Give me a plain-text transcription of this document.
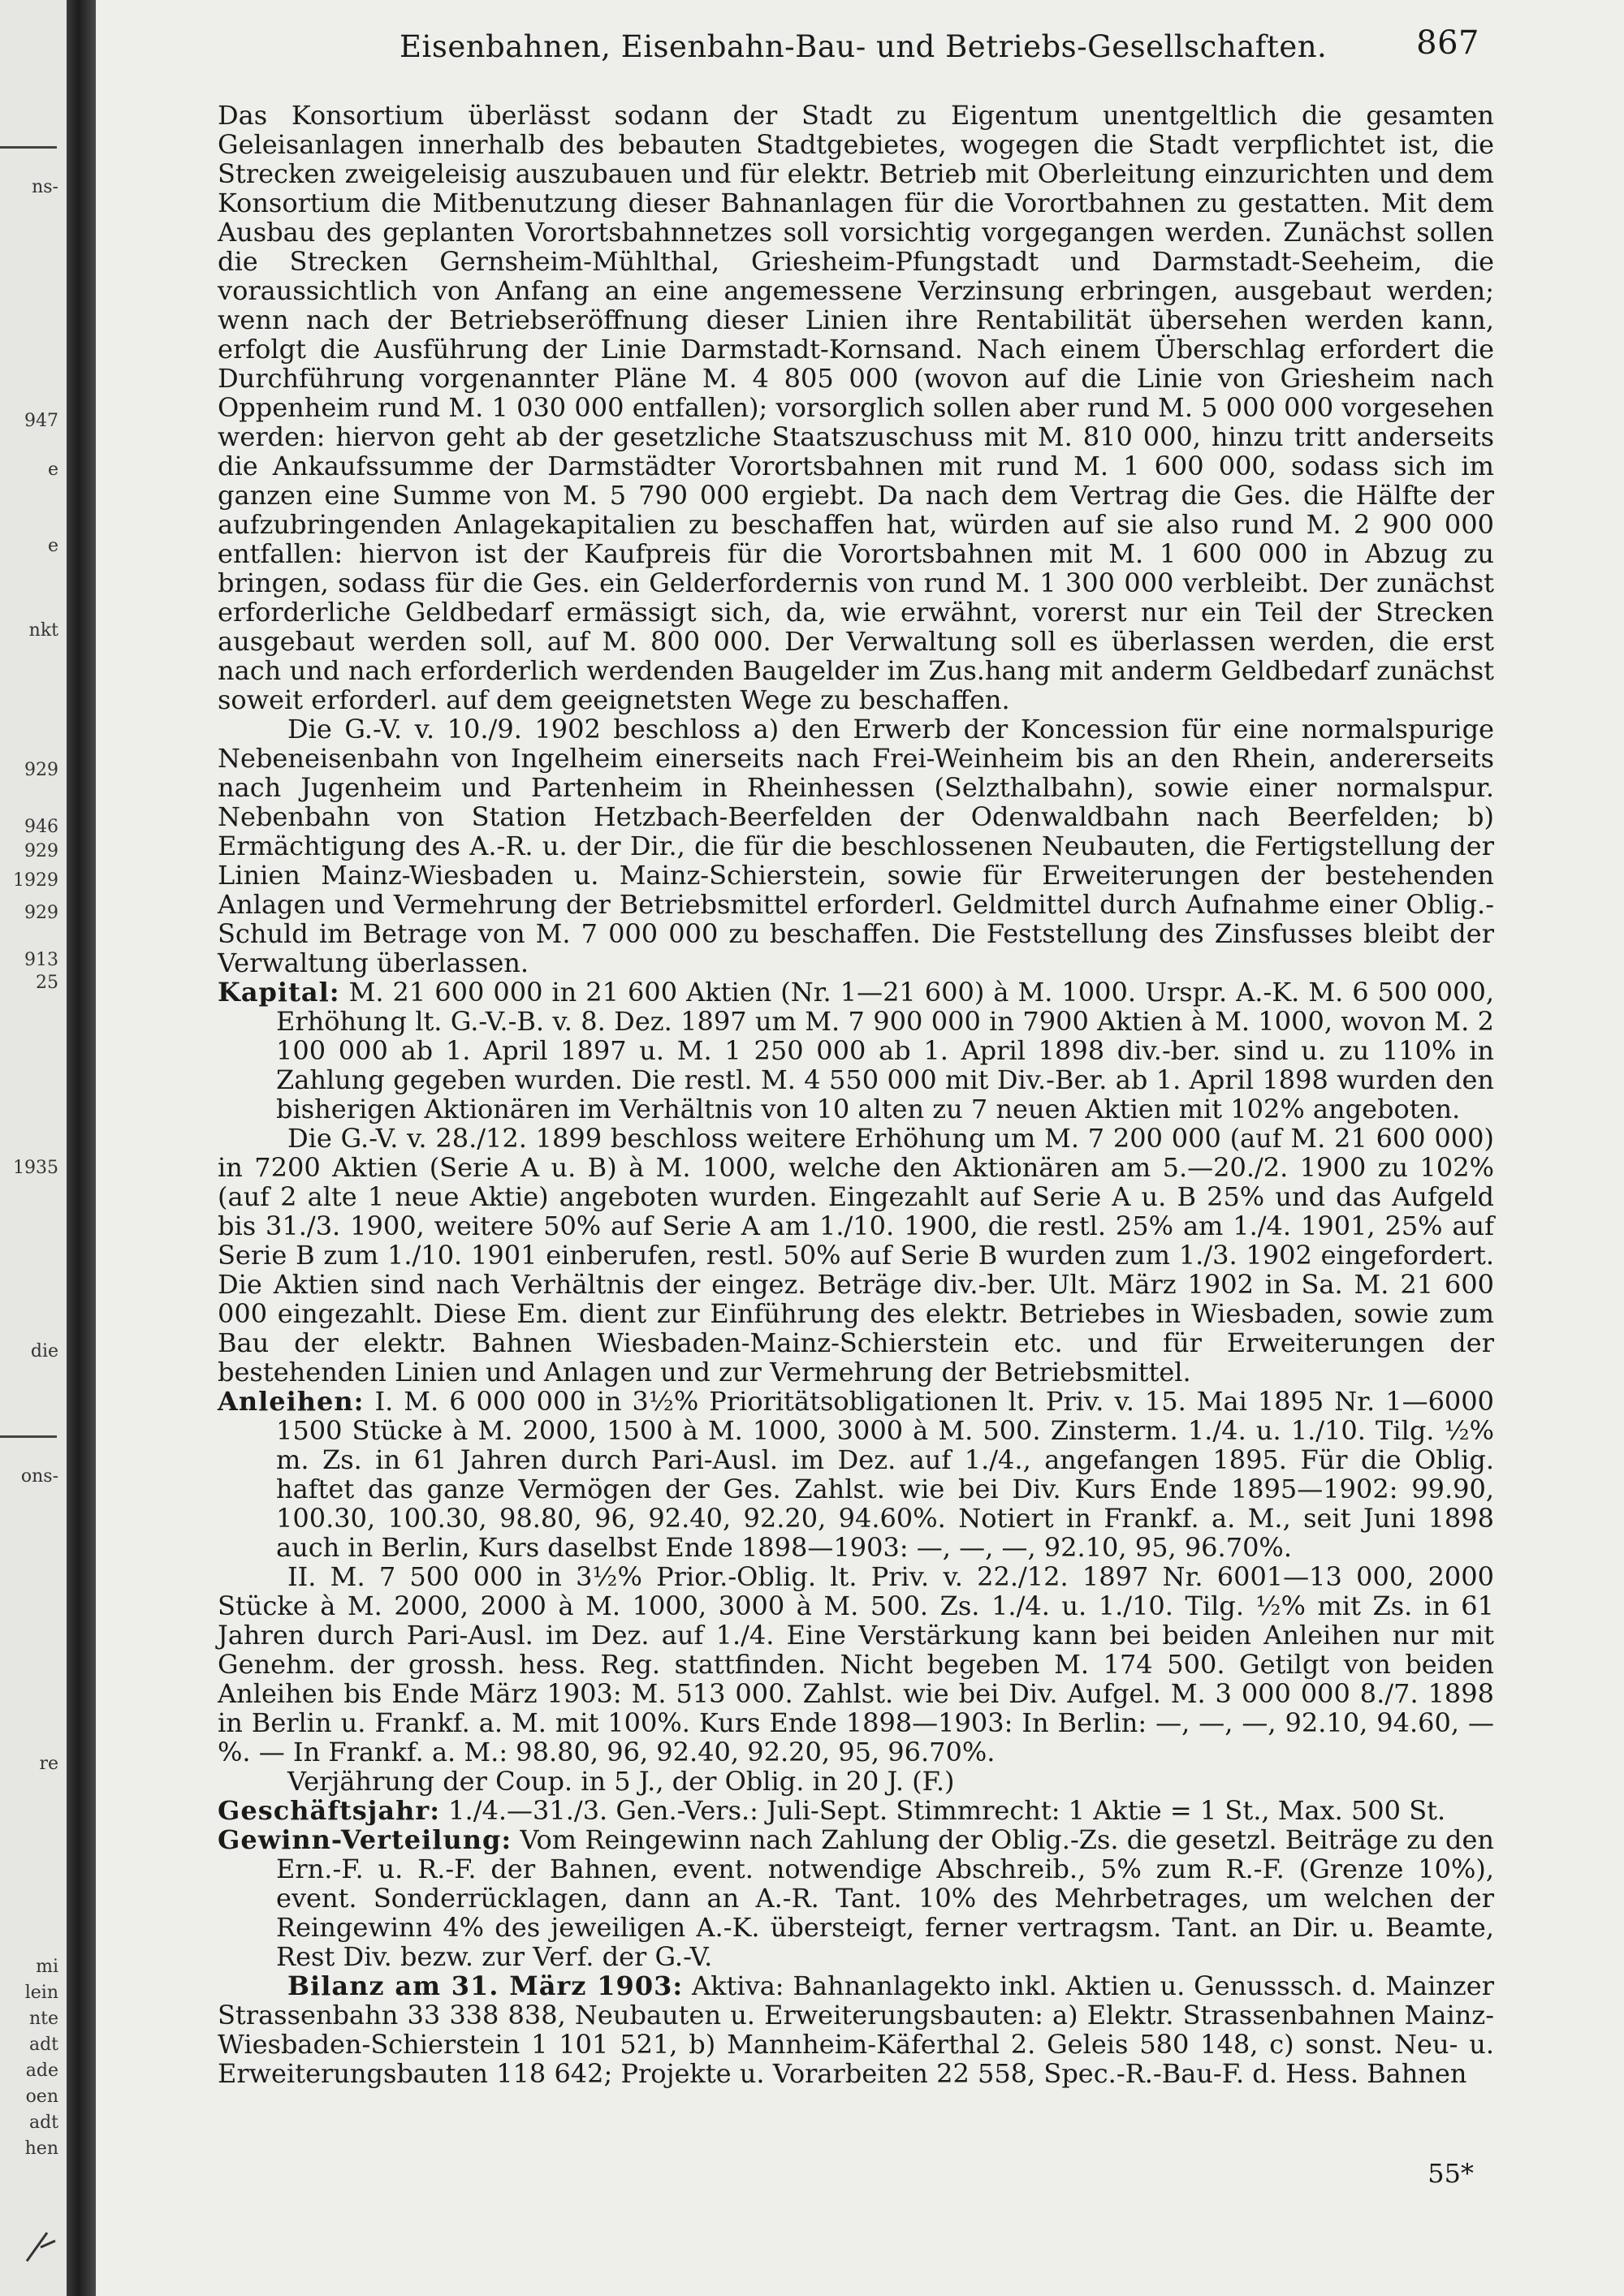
ns-
947
e
e
nkt
929
946
929
1929
929
913
25
1935
die
ons-
re
mi
lein
nte
adt
ade
oen
adt
hen
Eisenbahnen, Eisenbahn-Bau- und Betriebs-Gesellschaften.	867

Das Konsortium überlässt sodann der Stadt zu Eigentum unentgeltlich die gesamten Geleisanlagen innerhalb des bebauten Stadtgebietes, wogegen die Stadt verpflichtet ist, die Strecken zweigeleisig auszubauen und für elektr. Betrieb mit Oberleitung einzurichten und dem Konsortium die Mitbenutzung dieser Bahnanlagen für die Vorortbahnen zu gestatten. Mit dem Ausbau des geplanten Vorortsbahnnetzes soll vorsichtig vorgegangen werden. Zunächst sollen die Strecken Gernsheim-Mühlthal, Griesheim-Pfungstadt und Darmstadt-Seeheim, die voraussichtlich von Anfang an eine angemessene Verzinsung erbringen, ausgebaut werden; wenn nach der Betriebseröffnung dieser Linien ihre Rentabilität übersehen werden kann, erfolgt die Ausführung der Linie Darmstadt-Kornsand. Nach einem Überschlag erfordert die Durchführung vorgenannter Pläne M. 4 805 000 (wovon auf die Linie von Griesheim nach Oppenheim rund M. 1 030 000 entfallen); vorsorglich sollen aber rund M. 5 000 000 vorgesehen werden: hiervon geht ab der gesetzliche Staatszuschuss mit M. 810 000, hinzu tritt anderseits die Ankaufssumme der Darmstädter Vorortsbahnen mit rund M. 1 600 000, sodass sich im ganzen eine Summe von M. 5 790 000 ergiebt. Da nach dem Vertrag die Ges. die Hälfte der aufzubringenden Anlagekapitalien zu beschaffen hat, würden auf sie also rund M. 2 900 000 entfallen: hiervon ist der Kaufpreis für die Vorortsbahnen mit M. 1 600 000 in Abzug zu bringen, sodass für die Ges. ein Gelderfordernis von rund M. 1 300 000 verbleibt. Der zunächst erforderliche Geldbedarf ermässigt sich, da, wie erwähnt, vorerst nur ein Teil der Strecken ausgebaut werden soll, auf M. 800 000. Der Verwaltung soll es überlassen werden, die erst nach und nach erforderlich werdenden Baugelder im Zus.hang mit anderm Geldbedarf zunächst soweit erforderl. auf dem geeignetsten Wege zu beschaffen.

Die G.-V. v. 10./9. 1902 beschloss a) den Erwerb der Koncession für eine normalspurige Nebeneisenbahn von Ingelheim einerseits nach Frei-Weinheim bis an den Rhein, andererseits nach Jugenheim und Partenheim in Rheinhessen (Selzthalbahn), sowie einer normalspur. Nebenbahn von Station Hetzbach-Beerfelden der Odenwaldbahn nach Beerfelden; b) Ermächtigung des A.-R. u. der Dir., die für die beschlossenen Neubauten, die Fertigstellung der Linien Mainz-Wiesbaden u. Mainz-Schierstein, sowie für Erweiterungen der bestehenden Anlagen und Vermehrung der Betriebsmittel erforderl. Geldmittel durch Aufnahme einer Oblig.-Schuld im Betrage von M. 7 000 000 zu beschaffen. Die Feststellung des Zinsfusses bleibt der Verwaltung überlassen.

Kapital: M. 21 600 000 in 21 600 Aktien (Nr. 1—21 600) à M. 1000. Urspr. A.-K. M. 6 500 000, Erhöhung lt. G.-V.-B. v. 8. Dez. 1897 um M. 7 900 000 in 7900 Aktien à M. 1000, wovon M. 2 100 000 ab 1. April 1897 u. M. 1 250 000 ab 1. April 1898 div.-ber. sind u. zu 110% in Zahlung gegeben wurden. Die restl. M. 4 550 000 mit Div.-Ber. ab 1. April 1898 wurden den bisherigen Aktionären im Verhältnis von 10 alten zu 7 neuen Aktien mit 102% angeboten.

Die G.-V. v. 28./12. 1899 beschloss weitere Erhöhung um M. 7 200 000 (auf M. 21 600 000) in 7200 Aktien (Serie A u. B) à M. 1000, welche den Aktionären am 5.—20./2. 1900 zu 102% (auf 2 alte 1 neue Aktie) angeboten wurden. Eingezahlt auf Serie A u. B 25% und das Aufgeld bis 31./3. 1900, weitere 50% auf Serie A am 1./10. 1900, die restl. 25% am 1./4. 1901, 25% auf Serie B zum 1./10. 1901 einberufen, restl. 50% auf Serie B wurden zum 1./3. 1902 eingefordert. Die Aktien sind nach Verhältnis der eingez. Beträge div.-ber. Ult. März 1902 in Sa. M. 21 600 000 eingezahlt. Diese Em. dient zur Einführung des elektr. Betriebes in Wiesbaden, sowie zum Bau der elektr. Bahnen Wiesbaden-Mainz-Schierstein etc. und für Erweiterungen der bestehenden Linien und Anlagen und zur Vermehrung der Betriebsmittel.

Anleihen: I. M. 6 000 000 in 3½% Prioritätsobligationen lt. Priv. v. 15. Mai 1895 Nr. 1—6000 1500 Stücke à M. 2000, 1500 à M. 1000, 3000 à M. 500. Zinsterm. 1./4. u. 1./10. Tilg. ½% m. Zs. in 61 Jahren durch Pari-Ausl. im Dez. auf 1./4., angefangen 1895. Für die Oblig. haftet das ganze Vermögen der Ges. Zahlst. wie bei Div. Kurs Ende 1895—1902: 99.90, 100.30, 100.30, 98.80, 96, 92.40, 92.20, 94.60%. Notiert in Frankf. a. M., seit Juni 1898 auch in Berlin, Kurs daselbst Ende 1898—1903: —, —, —, 92.10, 95, 96.70%.

II. M. 7 500 000 in 3½% Prior.-Oblig. lt. Priv. v. 22./12. 1897 Nr. 6001—13 000, 2000 Stücke à M. 2000, 2000 à M. 1000, 3000 à M. 500. Zs. 1./4. u. 1./10. Tilg. ½% mit Zs. in 61 Jahren durch Pari-Ausl. im Dez. auf 1./4. Eine Verstärkung kann bei beiden Anleihen nur mit Genehm. der grossh. hess. Reg. stattfinden. Nicht begeben M. 174 500. Getilgt von beiden Anleihen bis Ende März 1903: M. 513 000. Zahlst. wie bei Div. Aufgel. M. 3 000 000 8./7. 1898 in Berlin u. Frankf. a. M. mit 100%. Kurs Ende 1898—1903: In Berlin: —, —, —, 92.10, 94.60, —%. — In Frankf. a. M.: 98.80, 96, 92.40, 92.20, 95, 96.70%.

Verjährung der Coup. in 5 J., der Oblig. in 20 J. (F.)

Geschäftsjahr: 1./4.—31./3. Gen.-Vers.: Juli-Sept. Stimmrecht: 1 Aktie = 1 St., Max. 500 St.

Gewinn-Verteilung: Vom Reingewinn nach Zahlung der Oblig.-Zs. die gesetzl. Beiträge zu den Ern.-F. u. R.-F. der Bahnen, event. notwendige Abschreib., 5% zum R.-F. (Grenze 10%), event. Sonderrücklagen, dann an A.-R. Tant. 10% des Mehrbetrages, um welchen der Reingewinn 4% des jeweiligen A.-K. übersteigt, ferner vertragsm. Tant. an Dir. u. Beamte, Rest Div. bezw. zur Verf. der G.-V.

Bilanz am 31. März 1903: Aktiva: Bahnanlagekto inkl. Aktien u. Genusssch. d. Mainzer Strassenbahn 33 338 838, Neubauten u. Erweiterungsbauten: a) Elektr. Strassenbahnen Mainz-Wiesbaden-Schierstein 1 101 521, b) Mannheim-Käferthal 2. Geleis 580 148, c) sonst. Neu- u. Erweiterungsbauten 118 642; Projekte u. Vorarbeiten 22 558, Spec.-R.-Bau-F. d. Hess. Bahnen

55*
